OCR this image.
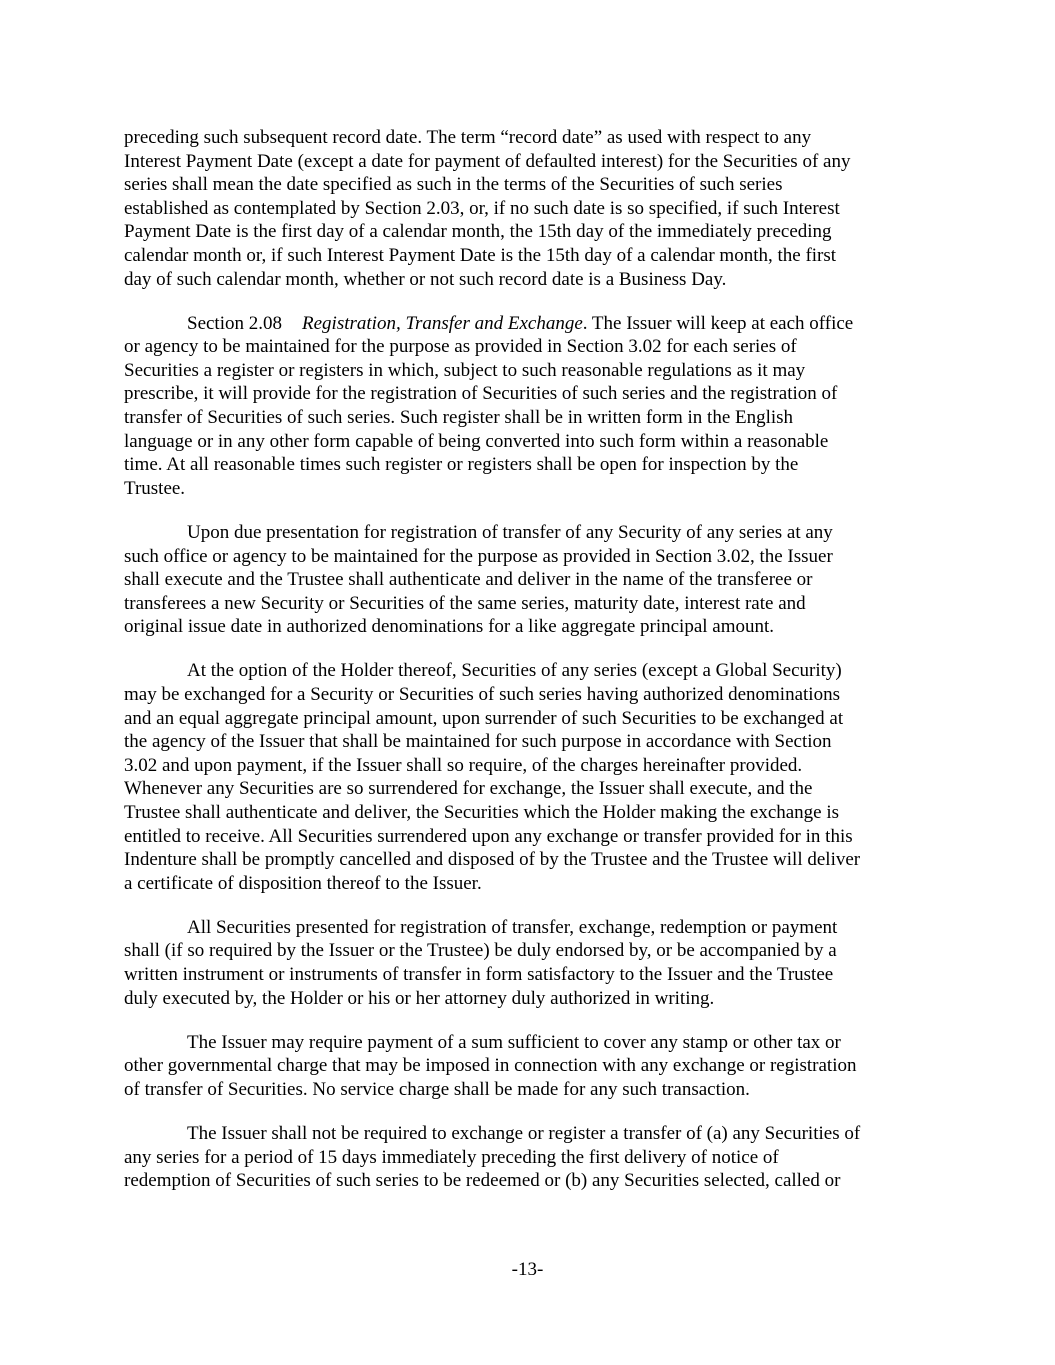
preceding such subsequent record date. The term “record date” as used with respect to any
Interest Payment Date (except a date for payment of defaulted interest) for the Securities of any
series shall mean the date specified as such in the terms of the Securities of such series
established as contemplated by Section 2.03, or, if no such date is so specified, if such Interest
Payment Date is the first day of a calendar month, the 15th day of the immediately preceding
calendar month or, if such Interest Payment Date is the 15th day of a calendar month, the first
day of such calendar month, whether or not such record date is a Business Day.

Section 2.08 Registration, Transfer and Exchange. The Issuer will keep at each office
or agency to be maintained for the purpose as provided in Section 3.02 for each series of
Securities a register or registers in which, subject to such reasonable regulations as it may
prescribe, it will provide for the registration of Securities of such series and the registration of
transfer of Securities of such series. Such register shall be in written form in the English
language or in any other form capable of being converted into such form within a reasonable
time. At all reasonable times such register or registers shall be open for inspection by the
Trustee.

Upon due presentation for registration of transfer of any Security of any series at any
such office or agency to be maintained for the purpose as provided in Section 3.02, the Issuer
shall execute and the Trustee shall authenticate and deliver in the name of the transferee or
transferees a new Security or Securities of the same series, maturity date, interest rate and
original issue date in authorized denominations for a like aggregate principal amount.

At the option of the Holder thereof, Securities of any series (except a Global Security)
may be exchanged for a Security or Securities of such series having authorized denominations
and an equal aggregate principal amount, upon surrender of such Securities to be exchanged at
the agency of the Issuer that shall be maintained for such purpose in accordance with Section
3.02 and upon payment, if the Issuer shall so require, of the charges hereinafter provided.
Whenever any Securities are so surrendered for exchange, the Issuer shall execute, and the
Trustee shall authenticate and deliver, the Securities which the Holder making the exchange is
entitled to receive. All Securities surrendered upon any exchange or transfer provided for in this
Indenture shall be promptly cancelled and disposed of by the Trustee and the Trustee will deliver
a certificate of disposition thereof to the Issuer.

All Securities presented for registration of transfer, exchange, redemption or payment
shall (if so required by the Issuer or the Trustee) be duly endorsed by, or be accompanied by a
written instrument or instruments of transfer in form satisfactory to the Issuer and the Trustee
duly executed by, the Holder or his or her attorney duly authorized in writing.

The Issuer may require payment of a sum sufficient to cover any stamp or other tax or
other governmental charge that may be imposed in connection with any exchange or registration
of transfer of Securities. No service charge shall be made for any such transaction.

The Issuer shall not be required to exchange or register a transfer of (a) any Securities of
any series for a period of 15 days immediately preceding the first delivery of notice of
redemption of Securities of such series to be redeemed or (b) any Securities selected, called or

-13-
